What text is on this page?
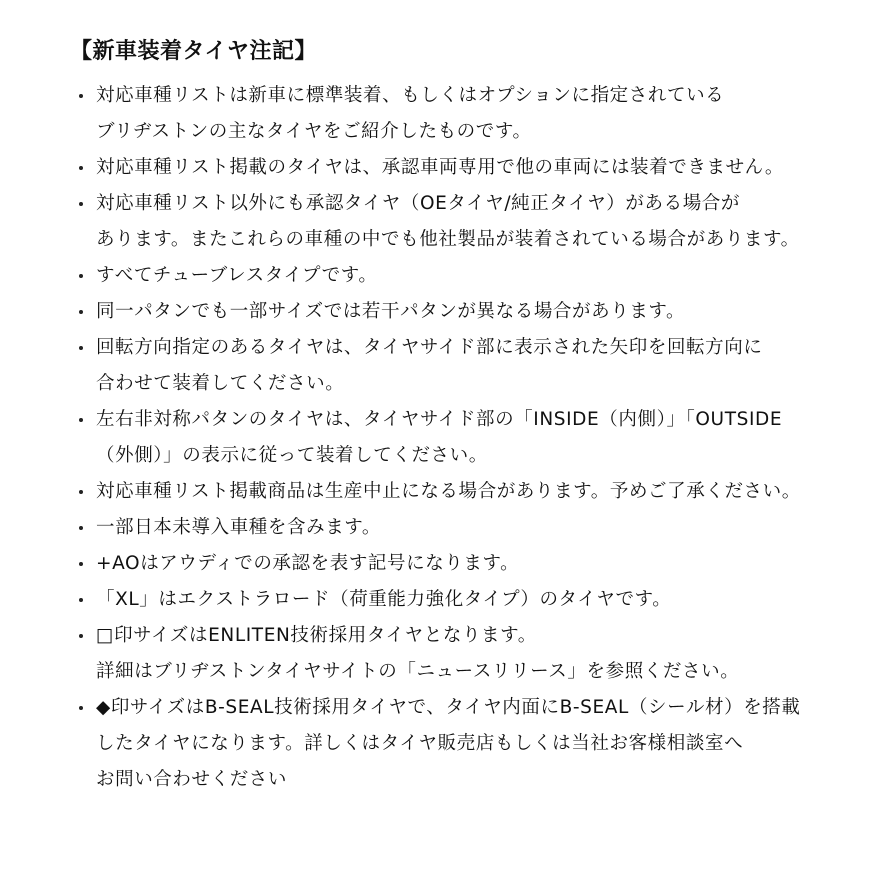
【新車装着タイヤ注記】
対応車種リストは新車に標準装着、もしくはオプションに指定されている
ブリヂストンの主なタイヤをご紹介したものです。
対応車種リスト掲載のタイヤは、承認車両専用で他の車両には装着できません。
対応車種リスト以外にも承認タイヤ（OEタイヤ/純正タイヤ）がある場合が
あります。またこれらの車種の中でも他社製品が装着されている場合があります。
すべてチューブレスタイプです。
同一パタンでも一部サイズでは若干パタンが異なる場合があります。
回転方向指定のあるタイヤは、タイヤサイド部に表示された矢印を回転方向に
合わせて装着してください。
左右非対称パタンのタイヤは、タイヤサイド部の「INSIDE（内側）」「OUTSIDE
（外側）」の表示に従って装着してください。
対応車種リスト掲載商品は生産中止になる場合があります。予めご了承ください。
一部日本未導入車種を含みます。
+AOはアウディでの承認を表す記号になります。
「XL」はエクストラロード（荷重能力強化タイプ）のタイヤです。
□印サイズはENLITEN技術採用タイヤとなります。
詳細はブリヂストンタイヤサイトの「ニュースリリース」を参照ください。
◆印サイズはB-SEAL技術採用タイヤで、タイヤ内面にB-SEAL（シール材）を搭載
したタイヤになります。詳しくはタイヤ販売店もしくは当社お客様相談室へ
お問い合わせください
